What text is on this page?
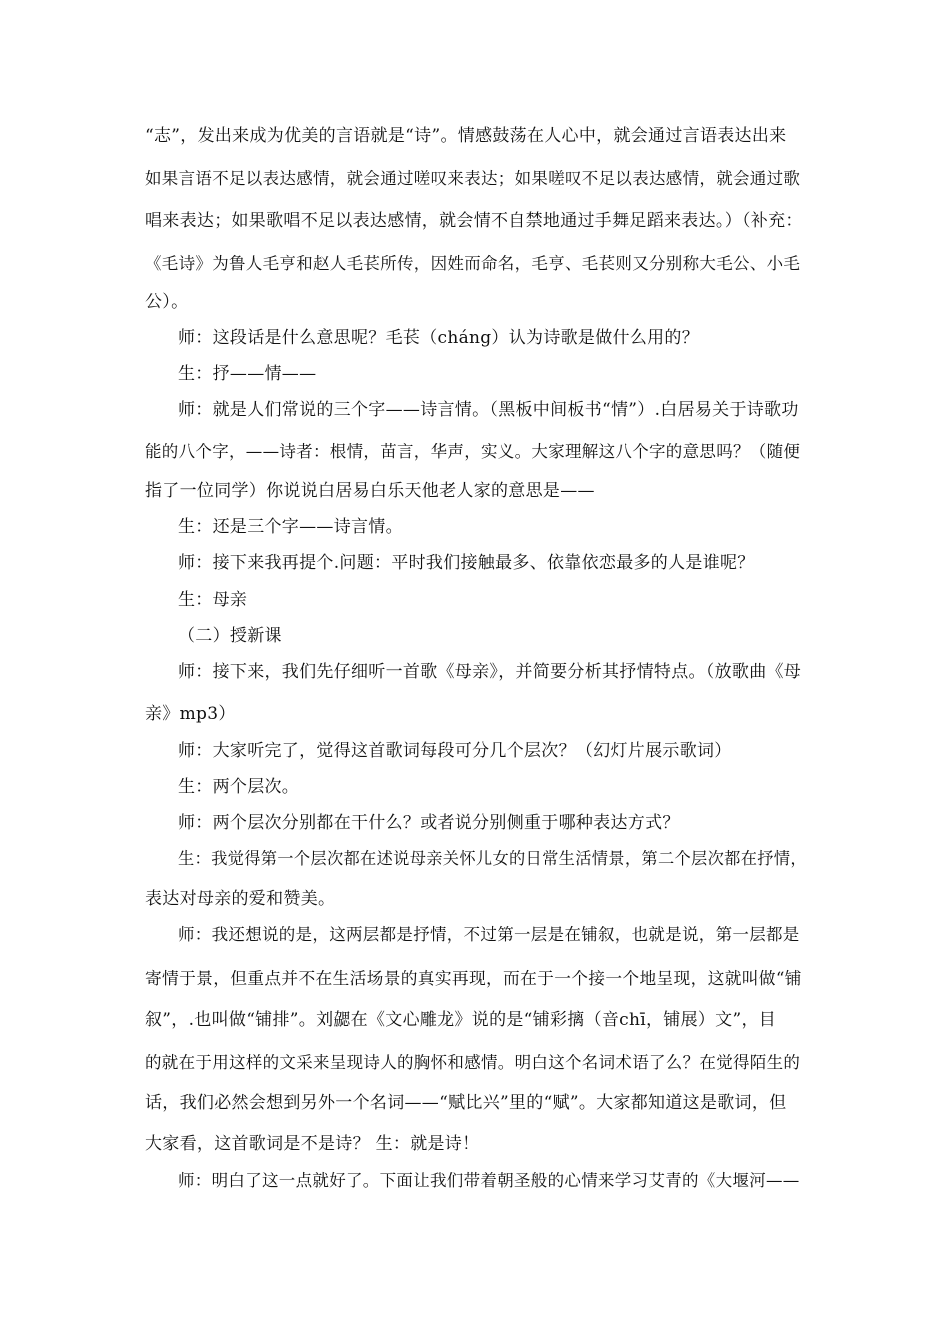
“志”，发出来成为优美的言语就是“诗”。情感鼓荡在人心中，就会通过言语表达出来
如果言语不足以表达感情，就会通过嗟叹来表达；如果嗟叹不足以表达感情，就会通过歌
唱来表达；如果歌唱不足以表达感情，就会情不自禁地通过手舞足蹈来表达。）（补充：
《毛诗》为鲁人毛亨和赵人毛苌所传，因姓而命名，毛亨、毛苌则又分别称大毛公、小毛
公）。
师：这段话是什么意思呢？毛苌（cháng）认为诗歌是做什么用的？
生：抒——情——
师：就是人们常说的三个字——诗言情。（黑板中间板书“情”）.白居易关于诗歌功
能的八个字，——诗者：根情，苗言，华声，实义。大家理解这八个字的意思吗？（随便
指了一位同学）你说说白居易白乐天他老人家的意思是——
生：还是三个字——诗言情。
师：接下来我再提个.问题：平时我们接触最多、依靠依恋最多的人是谁呢？
生：母亲
（二）授新课
师：接下来，我们先仔细听一首歌《母亲》，并简要分析其抒情特点。（放歌曲《母
亲》mp3）
师：大家听完了，觉得这首歌词每段可分几个层次？（幻灯片展示歌词）
生：两个层次。
师：两个层次分别都在干什么？或者说分别侧重于哪种表达方式？
生：我觉得第一个层次都在述说母亲关怀儿女的日常生活情景，第二个层次都在抒情，
表达对母亲的爱和赞美。
师：我还想说的是，这两层都是抒情，不过第一层是在铺叙，也就是说，第一层都是
寄情于景，但重点并不在生活场景的真实再现，而在于一个接一个地呈现，这就叫做“铺
叙”，.也叫做“铺排”。刘勰在《文心雕龙》说的是“铺彩摛（音chī，铺展）文”，目
的就在于用这样的文采来呈现诗人的胸怀和感情。明白这个名词术语了么？在觉得陌生的
话，我们必然会想到另外一个名词——“赋比兴”里的“赋”。大家都知道这是歌词，但
大家看，这首歌词是不是诗？ 生：就是诗！
师：明白了这一点就好了。下面让我们带着朝圣般的心情来学习艾青的《大堰河——
